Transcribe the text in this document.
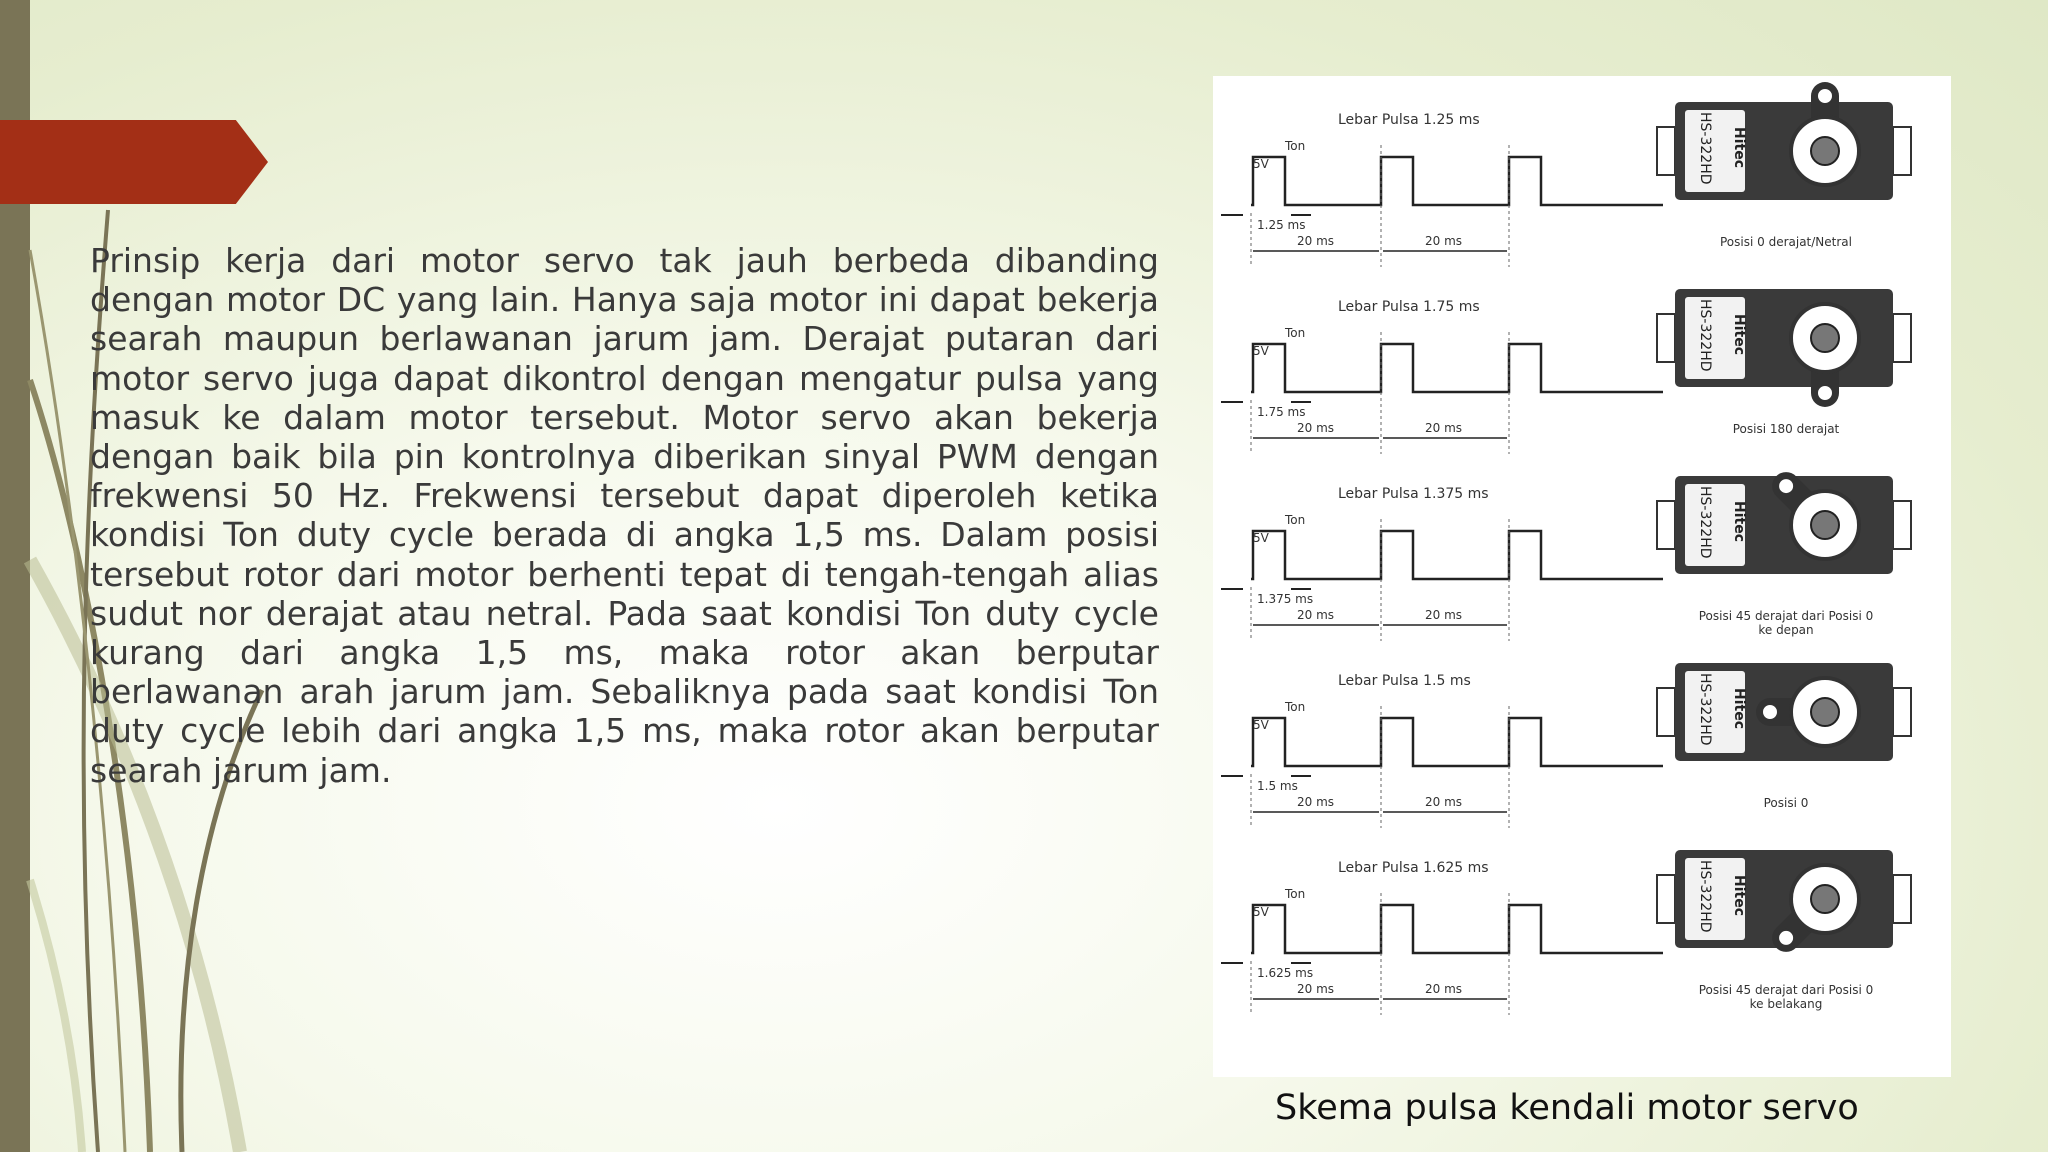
Prinsip kerja dari motor servo tak jauh berbeda dibanding dengan motor DC yang lain. Hanya saja motor ini dapat bekerja searah maupun berlawanan jarum jam. Derajat putaran dari motor servo juga dapat dikontrol dengan mengatur pulsa yang masuk ke dalam motor tersebut. Motor servo akan bekerja dengan baik bila pin kontrolnya diberikan sinyal PWM dengan frekwensi 50 Hz. Frekwensi tersebut dapat diperoleh ketika kondisi Ton duty cycle berada di angka 1,5 ms. Dalam posisi tersebut rotor dari motor berhenti tepat di tengah-tengah alias sudut nor derajat atau netral. Pada saat kondisi Ton duty cycle kurang dari angka 1,5 ms, maka rotor akan berputar berlawanan arah jarum jam. Sebaliknya pada saat kondisi Ton duty cycle lebih dari angka 1,5 ms, maka rotor akan berputar searah jarum jam.

Lebar Pulsa 1.25 ms
5V
Ton
1.25 ms
20 ms	20 ms
Hitec
HS-322HD
Posisi 0 derajat/Netral
Lebar Pulsa 1.75 ms
5V
Ton
1.75 ms
20 ms	20 ms
Hitec
HS-322HD
Posisi 180 derajat
Lebar Pulsa 1.375 ms
5V
Ton
1.375 ms
20 ms	20 ms
Hitec
HS-322HD
Posisi 45 derajat dari Posisi 0
ke depan
Lebar Pulsa 1.5 ms
5V
Ton
1.5 ms
20 ms	20 ms
Hitec
HS-322HD
Posisi 0
Lebar Pulsa 1.625 ms
5V
Ton
1.625 ms
20 ms	20 ms
Hitec
HS-322HD
Posisi 45 derajat dari Posisi 0
ke belakang
Skema pulsa kendali motor servo
